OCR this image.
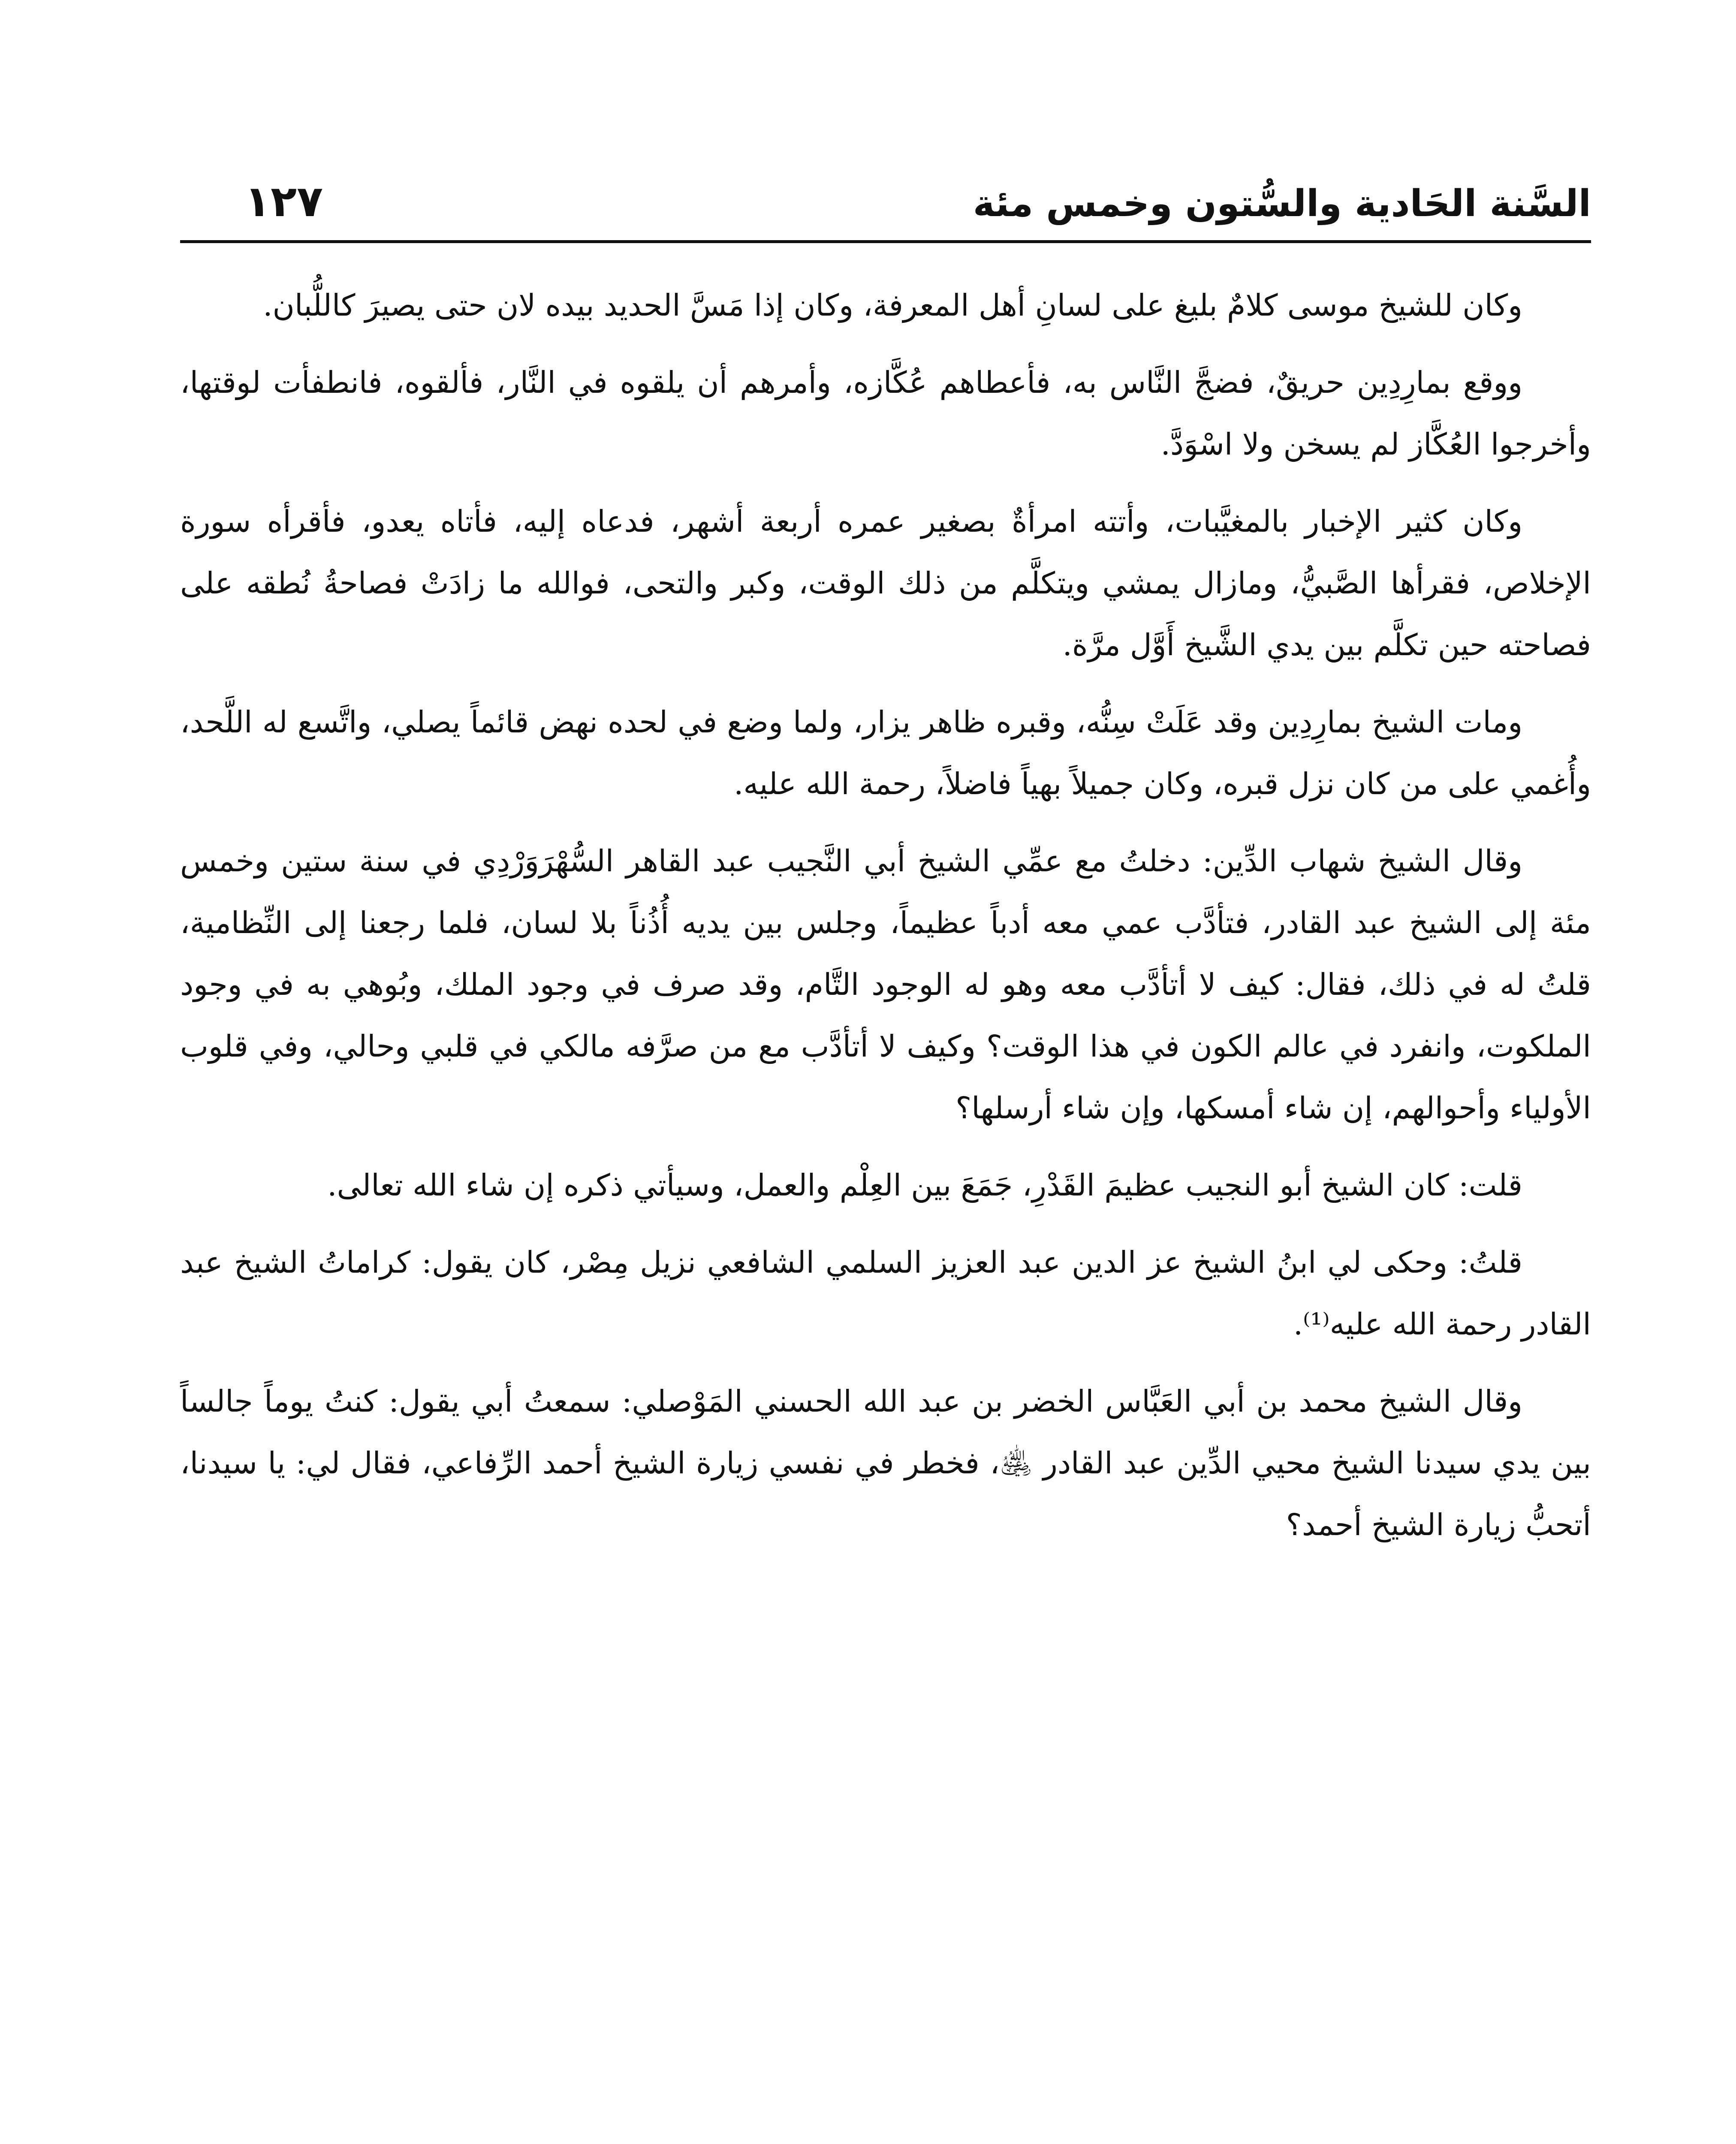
السَّنة الحَادية والسُّتون وخمس مئة
١٢٧

وكان للشيخ موسى كلامٌ بليغ على لسانِ أهل المعرفة، وكان إذا مَسَّ الحديد بيده لان حتى يصيرَ كاللُّبان.

ووقع بمارِدِين حريقٌ، فضجَّ النَّاس به، فأعطاهم عُكَّازه، وأمرهم أن يلقوه في النَّار، فألقوه، فانطفأت لوقتها، وأخرجوا العُكَّاز لم يسخن ولا اسْوَدَّ.

وكان كثير الإخبار بالمغيَّبات، وأتته امرأةٌ بصغير عمره أربعة أشهر، فدعاه إليه، فأتاه يعدو، فأقرأه سورة الإخلاص، فقرأها الصَّبيُّ، ومازال يمشي ويتكلَّم من ذلك الوقت، وكبر والتحى، فوالله ما زادَتْ فصاحةُ نُطقه على فصاحته حين تكلَّم بين يدي الشَّيخ أَوَّل مرَّة.

ومات الشيخ بمارِدِين وقد عَلَتْ سِنُّه، وقبره ظاهر يزار، ولما وضع في لحده نهض قائماً يصلي، واتَّسع له اللَّحد، وأُغمي على من كان نزل قبره، وكان جميلاً بهياً فاضلاً، رحمة الله عليه.

وقال الشيخ شهاب الدِّين: دخلتُ مع عمِّي الشيخ أبي النَّجيب عبد القاهر السُّهْرَوَرْدِي في سنة ستين وخمس مئة إلى الشيخ عبد القادر، فتأدَّب عمي معه أدباً عظيماً، وجلس بين يديه أُذُناً بلا لسان، فلما رجعنا إلى النِّظامية، قلتُ له في ذلك، فقال: كيف لا أتأدَّب معه وهو له الوجود التَّام، وقد صرف في وجود الملك، وبُوهي به في وجود الملكوت، وانفرد في عالم الكون في هذا الوقت؟ وكيف لا أتأدَّب مع من صرَّفه مالكي في قلبي وحالي، وفي قلوب الأولياء وأحوالهم، إن شاء أمسكها، وإن شاء أرسلها؟

قلت: كان الشيخ أبو النجيب عظيمَ القَدْرِ، جَمَعَ بين العِلْم والعمل، وسيأتي ذكره إن شاء الله تعالى.

قلتُ: وحكى لي ابنُ الشيخ عز الدين عبد العزيز السلمي الشافعي نزيل مِصْر، كان يقول: كراماتُ الشيخ عبد القادر رحمة الله عليه⁽¹⁾.

وقال الشيخ محمد بن أبي العَبَّاس الخضر بن عبد الله الحسني المَوْصلي: سمعتُ أبي يقول: كنتُ يوماً جالساً بين يدي سيدنا الشيخ محيي الدِّين عبد القادر ﵁، فخطر في نفسي زيارة الشيخ أحمد الرِّفاعي، فقال لي: يا سيدنا، أتحبُّ زيارة الشيخ أحمد؟
